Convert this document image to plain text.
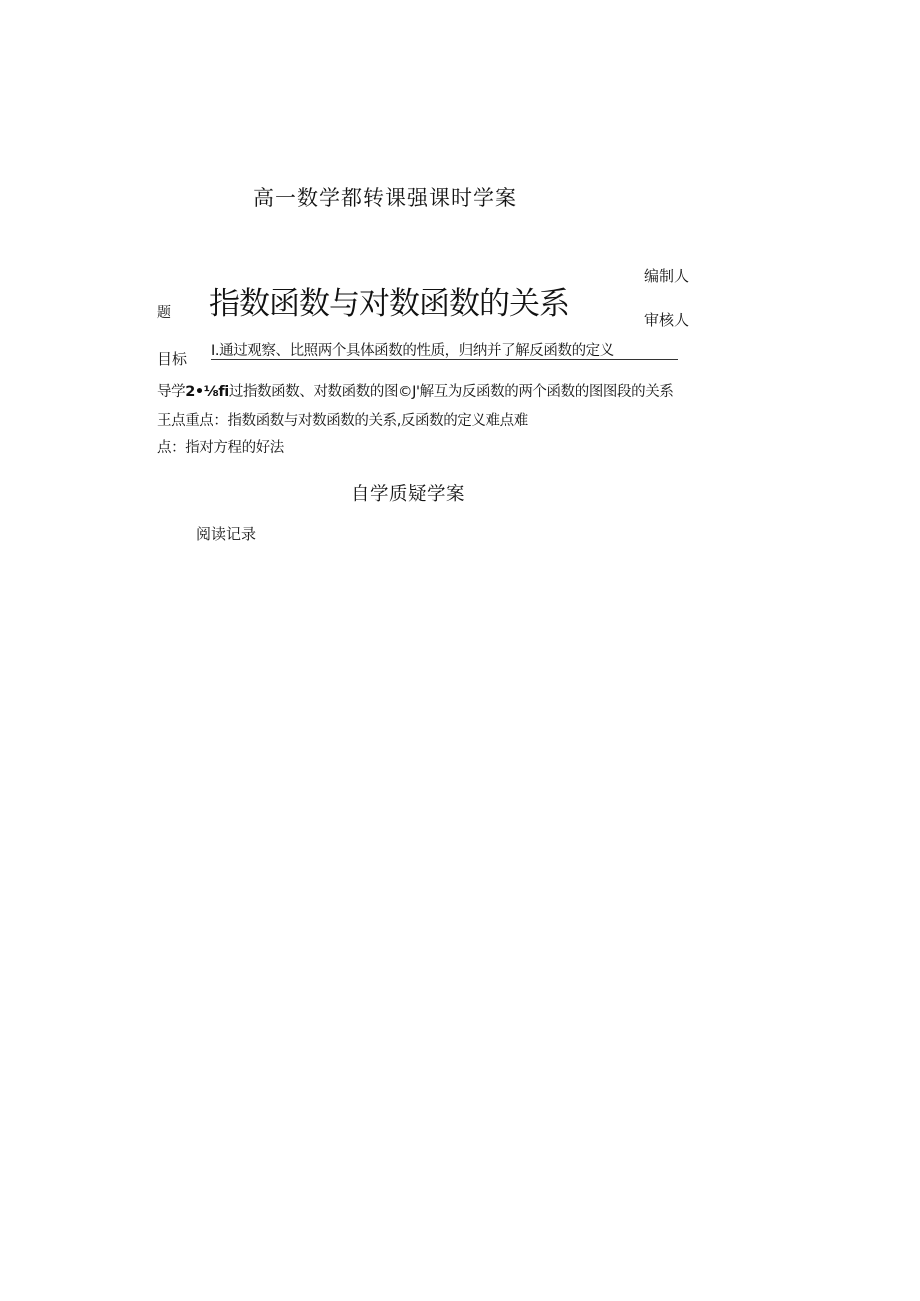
高一数学都转课强课时学案
编制人
审核人
题 指数函数与对数函数的关系
目标 I.通过观察、比照两个具体函数的性质，归纳并了解反函数的定义
导学2•⅛fi过指数函数、对数函数的图©J'解互为反函数的两个函数的图图段的关系
王点重点：指数函数与对数函数的关系,反函数的定义难点难
点：指对方程的好法
自学质疑学案
阅读记录
